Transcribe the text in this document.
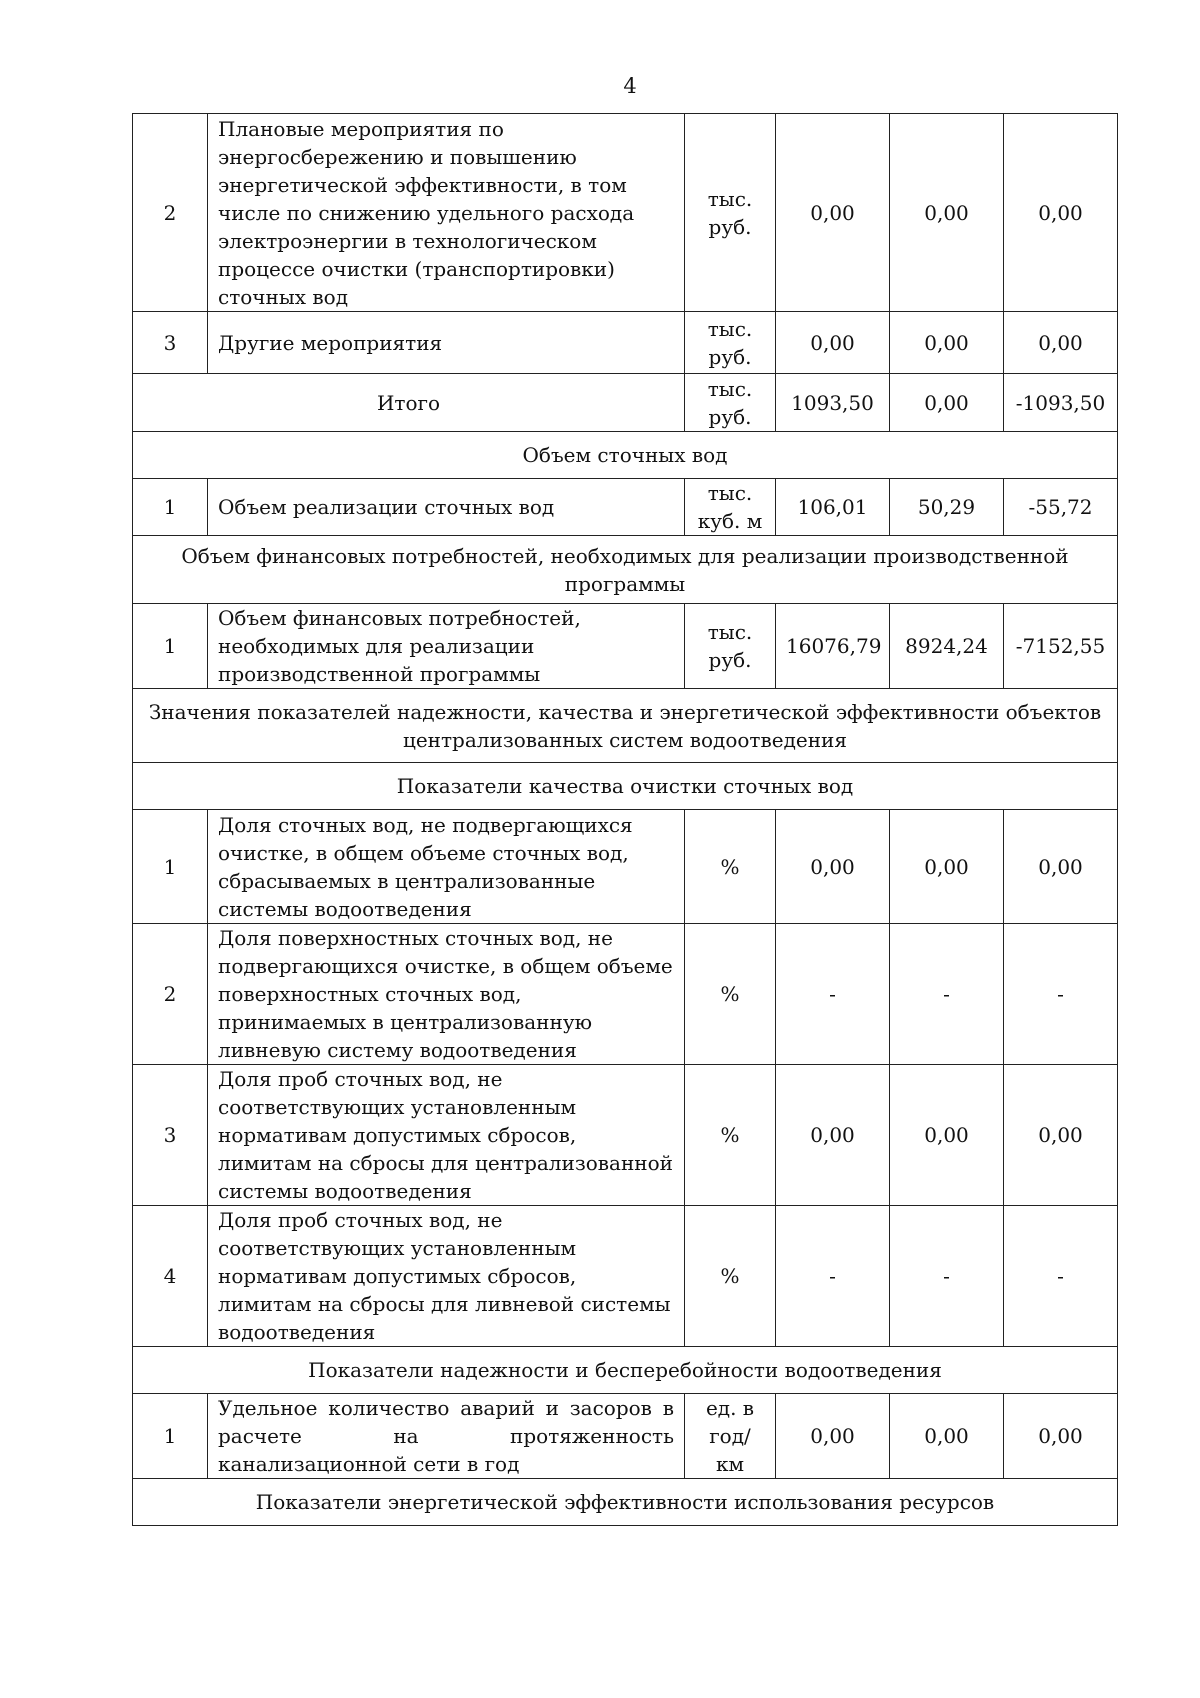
4
2	Плановые мероприятия по энергосбережению и повышению энергетической эффективности, в том числе по снижению удельного расхода электроэнергии в технологическом процессе очистки (транспортировки) сточных вод	тыс. руб.	0,00	0,00	0,00
3	Другие мероприятия	тыс. руб.	0,00	0,00	0,00
Итого		тыс. руб.	1093,50	0,00	-1093,50
Объем сточных вод					
1	Объем реализации сточных вод	тыс. куб. м	106,01	50,29	-55,72
Объем финансовых потребностей, необходимых для реализации производственной программы					
1	Объем финансовых потребностей, необходимых для реализации производственной программы	тыс. руб.	16076,79	8924,24	-7152,55
Значения показателей надежности, качества и энергетической эффективности объектов централизованных систем водоотведения					
Показатели качества очистки сточных вод					
1	Доля сточных вод, не подвергающихся очистке, в общем объеме сточных вод, сбрасываемых в централизованные системы водоотведения	%	0,00	0,00	0,00
2	Доля поверхностных сточных вод, не подвергающихся очистке, в общем объеме поверхностных сточных вод, принимаемых в централизованную ливневую систему водоотведения	%	-	-	-
3	Доля проб сточных вод, не соответствующих установленным нормативам допустимых сбросов, лимитам на сбросы для централизованной системы водоотведения	%	0,00	0,00	0,00
4	Доля проб сточных вод, не соответствующих установленным нормативам допустимых сбросов, лимитам на сбросы для ливневой системы водоотведения	%	-	-	-
Показатели надежности и бесперебойности водоотведения					
1	Удельное количество аварий и засоров в расчете на протяженность канализационной сети в год	ед. в год/ км	0,00	0,00	0,00
Показатели энергетической эффективности использования ресурсов					
